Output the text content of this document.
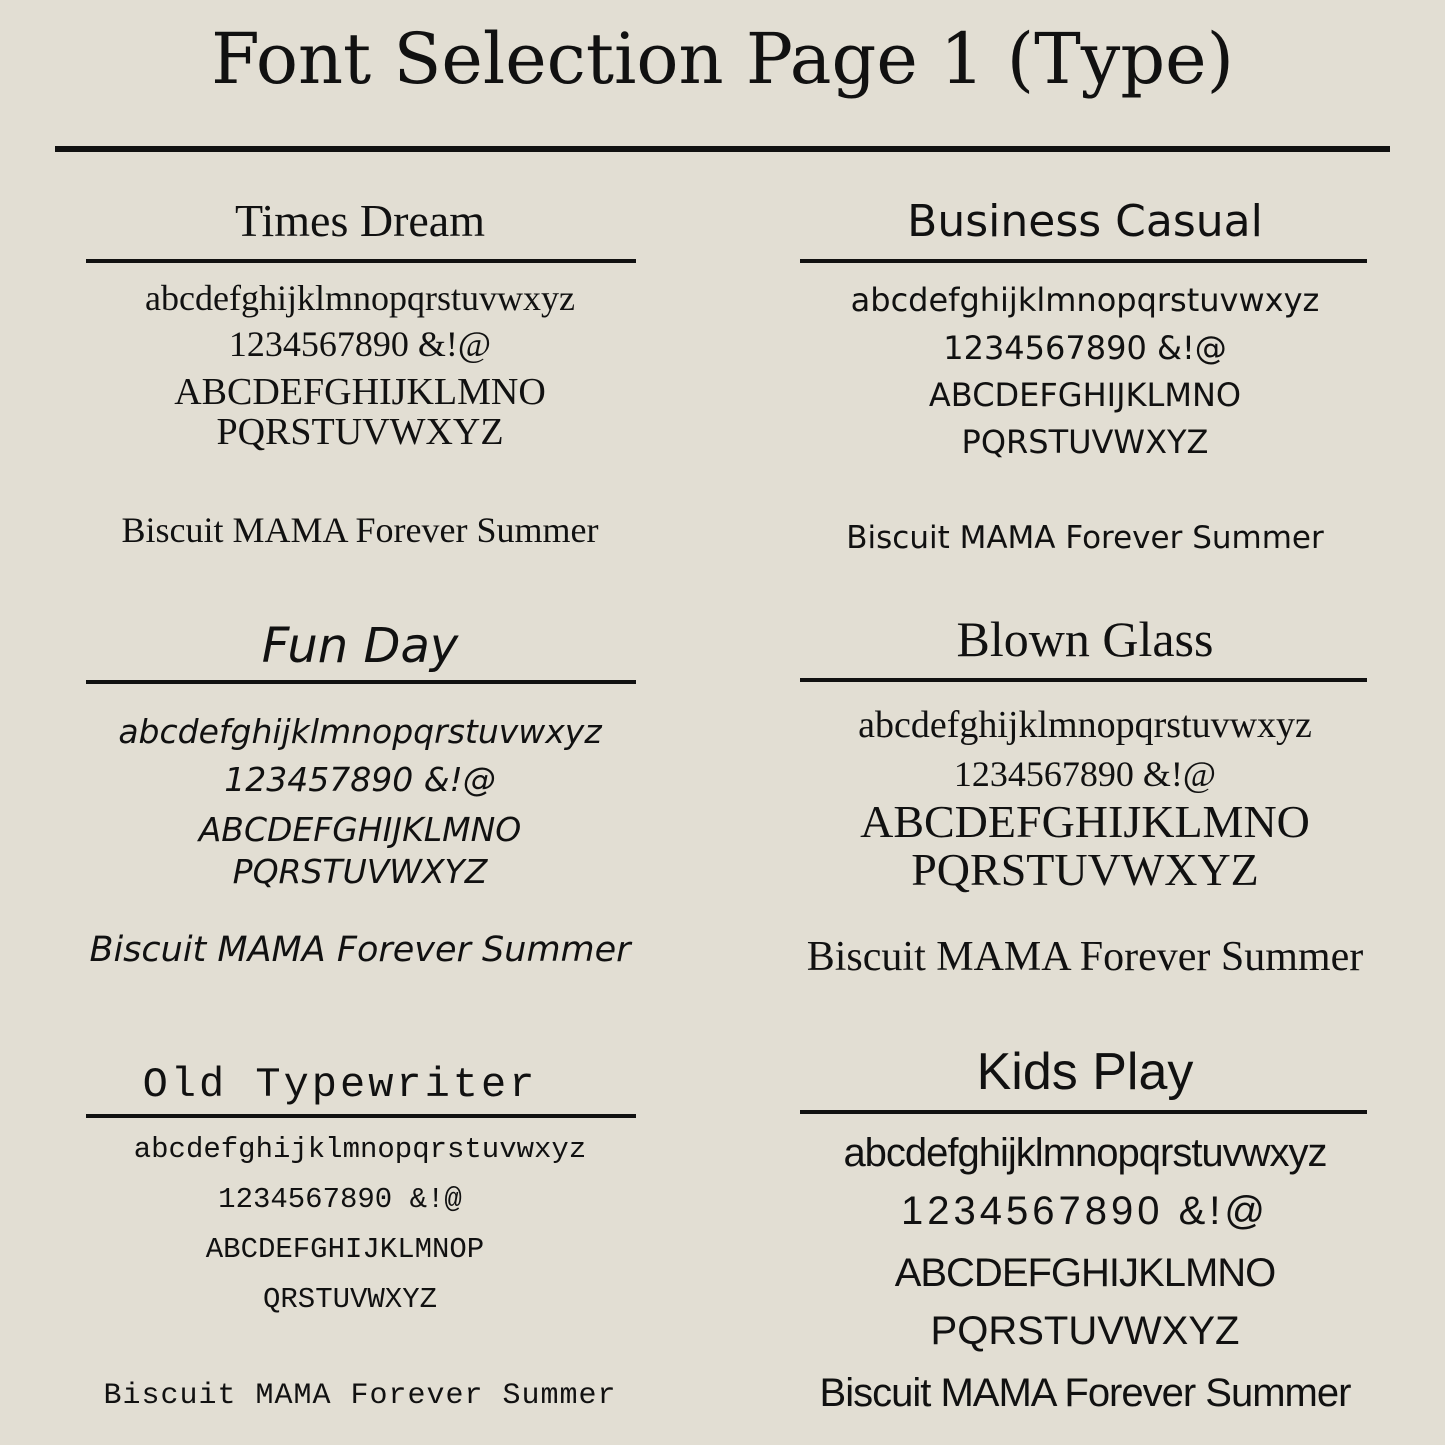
Font Selection Page 1 (Type)
Times Dream
abcdefghijklmnopqrstuvwxyz
1234567890 &!@
ABCDEFGHIJKLMNO
PQRSTUVWXYZ
Biscuit MAMA Forever Summer
Business Casual
abcdefghijklmnopqrstuvwxyz
1234567890 &!@
ABCDEFGHIJKLMNO
PQRSTUVWXYZ
Biscuit MAMA Forever Summer
Fun Day
abcdefghijklmnopqrstuvwxyz
123457890 &!@
ABCDEFGHIJKLMNO
PQRSTUVWXYZ
Biscuit MAMA Forever Summer
Blown Glass
abcdefghijklmnopqrstuvwxyz
1234567890 &!@
ABCDEFGHIJKLMNO
PQRSTUVWXYZ
Biscuit MAMA Forever Summer
Old Typewriter
abcdefghijklmnopqrstuvwxyz
1234567890 &!@
ABCDEFGHIJKLMNOP
QRSTUVWXYZ
Biscuit MAMA Forever Summer
Kids Play
abcdefghijklmnopqrstuvwxyz
1234567890 &!@
ABCDEFGHIJKLMNO
PQRSTUVWXYZ
Biscuit MAMA Forever Summer
